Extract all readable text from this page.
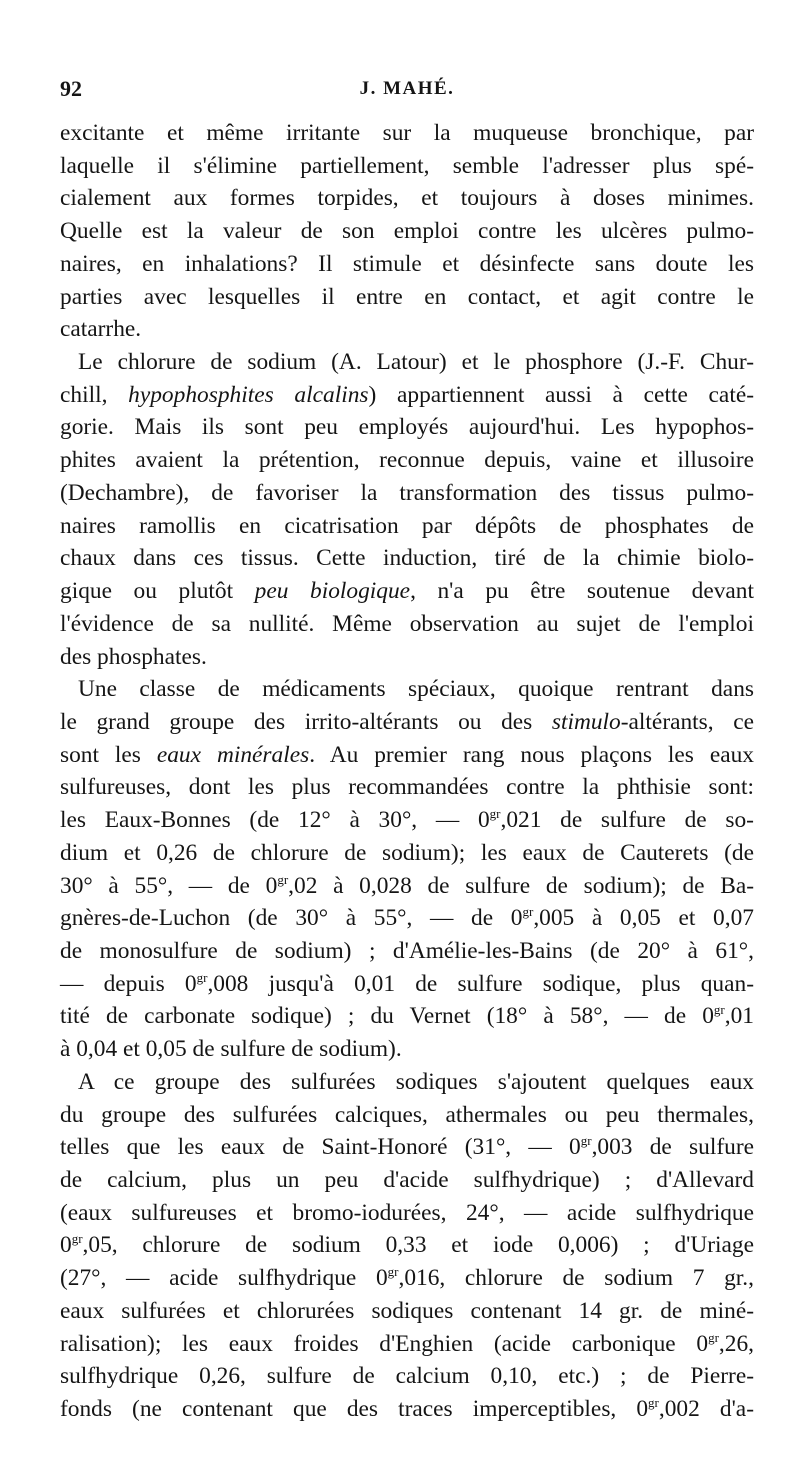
92	J. MAHÉ.
excitante et même irritante sur la muqueuse bronchique, par
laquelle il s'élimine partiellement, semble l'adresser plus spé-
cialement aux formes torpides, et toujours à doses minimes.
Quelle est la valeur de son emploi contre les ulcères pulmo-
naires, en inhalations? Il stimule et désinfecte sans doute les
parties avec lesquelles il entre en contact, et agit contre le
catarrhe.
Le chlorure de sodium (A. Latour) et le phosphore (J.-F. Chur-
chill, hypophosphites alcalins) appartiennent aussi à cette caté-
gorie. Mais ils sont peu employés aujourd'hui. Les hypophos-
phites avaient la prétention, reconnue depuis, vaine et illusoire
(Dechambre), de favoriser la transformation des tissus pulmo-
naires ramollis en cicatrisation par dépôts de phosphates de
chaux dans ces tissus. Cette induction, tiré de la chimie biolo-
gique ou plutôt peu biologique, n'a pu être soutenue devant
l'évidence de sa nullité. Même observation au sujet de l'emploi
des phosphates.
Une classe de médicaments spéciaux, quoique rentrant dans
le grand groupe des irrito-altérants ou des stimulo-altérants, ce
sont les eaux minérales. Au premier rang nous plaçons les eaux
sulfureuses, dont les plus recommandées contre la phthisie sont:
les Eaux-Bonnes (de 12° à 30°, — $0^{gr},021$ de sulfure de so-
dium et 0,26 de chlorure de sodium); les eaux de Cauterets (de
30° à 55°, — de $0^{gr},02$ à 0,028 de sulfure de sodium); de Ba-
gnères-de-Luchon (de 30° à 55°, — de $0^{gr},005$ à 0,05 et 0,07
de monosulfure de sodium) ; d'Amélie-les-Bains (de 20° à 61°,
— depuis $0^{gr},008$ jusqu'à 0,01 de sulfure sodique, plus quan-
tité de carbonate sodique) ; du Vernet (18° à 58°, — de $0^{gr},01$
à 0,04 et 0,05 de sulfure de sodium).
A ce groupe des sulfurées sodiques s'ajoutent quelques eaux
du groupe des sulfurées calciques, athermales ou peu thermales,
telles que les eaux de Saint-Honoré (31°, — $0^{gr},003$ de sulfure
de calcium, plus un peu d'acide sulfhydrique) ; d'Allevard
(eaux sulfureuses et bromo-iodurées, 24°, — acide sulfhydrique
$0^{gr},05$, chlorure de sodium 0,33 et iode 0,006) ; d'Uriage
(27°, — acide sulfhydrique $0^{gr},016$, chlorure de sodium 7 gr.,
eaux sulfurées et chlorurées sodiques contenant 14 gr. de miné-
ralisation); les eaux froides d'Enghien (acide carbonique $0^{gr},26$,
sulfhydrique 0,26, sulfure de calcium 0,10, etc.) ; de Pierre-
fonds (ne contenant que des traces imperceptibles, $0^{gr},002$ d'a-
